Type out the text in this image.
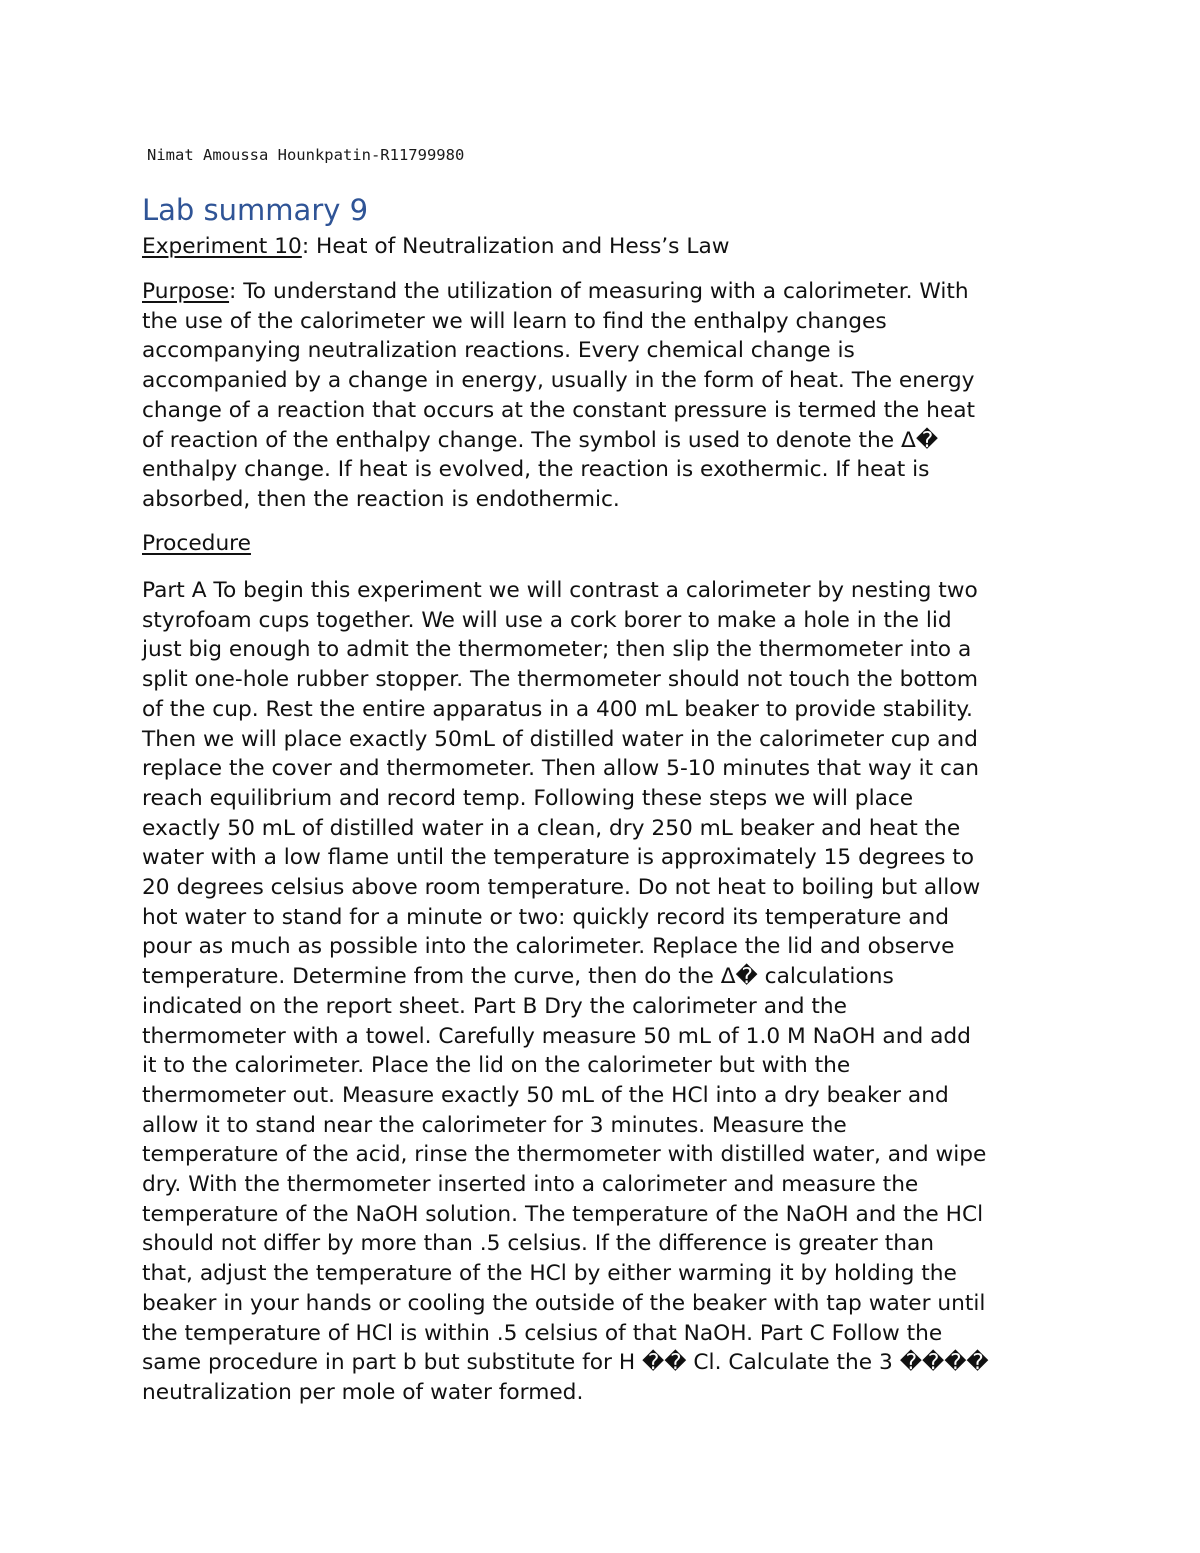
Nimat Amoussa Hounkpatin-R11799980
Lab summary 9

Experiment 10: Heat of Neutralization and Hess’s Law

Purpose: To understand the utilization of measuring with a calorimeter. With
the use of the calorimeter we will learn to find the enthalpy changes
accompanying neutralization reactions. Every chemical change is
accompanied by a change in energy, usually in the form of heat. The energy
change of a reaction that occurs at the constant pressure is termed the heat
of reaction of the enthalpy change. The symbol is used to denote the Δ�
enthalpy change. If heat is evolved, the reaction is exothermic. If heat is
absorbed, then the reaction is endothermic.

Procedure

Part A To begin this experiment we will contrast a calorimeter by nesting two
styrofoam cups together. We will use a cork borer to make a hole in the lid
just big enough to admit the thermometer; then slip the thermometer into a
split one-hole rubber stopper. The thermometer should not touch the bottom
of the cup. Rest the entire apparatus in a 400 mL beaker to provide stability.
Then we will place exactly 50mL of distilled water in the calorimeter cup and
replace the cover and thermometer. Then allow 5-10 minutes that way it can
reach equilibrium and record temp. Following these steps we will place
exactly 50 mL of distilled water in a clean, dry 250 mL beaker and heat the
water with a low flame until the temperature is approximately 15 degrees to
20 degrees celsius above room temperature. Do not heat to boiling but allow
hot water to stand for a minute or two: quickly record its temperature and
pour as much as possible into the calorimeter. Replace the lid and observe
temperature. Determine from the curve, then do the Δ� calculations
indicated on the report sheet. Part B Dry the calorimeter and the
thermometer with a towel. Carefully measure 50 mL of 1.0 M NaOH and add
it to the calorimeter. Place the lid on the calorimeter but with the
thermometer out. Measure exactly 50 mL of the HCl into a dry beaker and
allow it to stand near the calorimeter for 3 minutes. Measure the
temperature of the acid, rinse the thermometer with distilled water, and wipe
dry. With the thermometer inserted into a calorimeter and measure the
temperature of the NaOH solution. The temperature of the NaOH and the HCl
should not differ by more than .5 celsius. If the difference is greater than
that, adjust the temperature of the HCl by either warming it by holding the
beaker in your hands or cooling the outside of the beaker with tap water until
the temperature of HCl is within .5 celsius of that NaOH. Part C Follow the
same procedure in part b but substitute for H �� Cl. Calculate the 3 ����
neutralization per mole of water formed.
